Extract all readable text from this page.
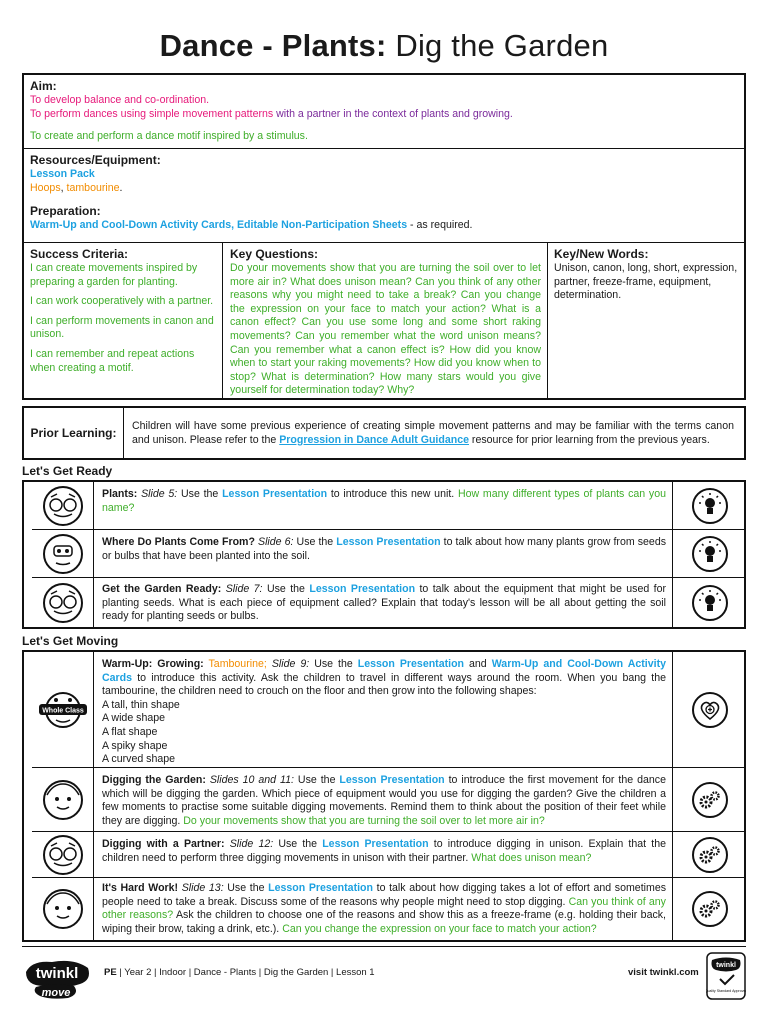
Dance - Plants: Dig the Garden
Aim:
To develop balance and co-ordination.
To perform dances using simple movement patterns with a partner in the context of plants and growing.
To create and perform a dance motif inspired by a stimulus.
Resources/Equipment:
Lesson Pack
Hoops, tambourine.
Preparation:
Warm-Up and Cool-Down Activity Cards, Editable Non-Participation Sheets - as required.
Success Criteria:
I can create movements inspired by preparing a garden for planting.
I can work cooperatively with a partner.
I can perform movements in canon and unison.
I can remember and repeat actions when creating a motif.
Key Questions:
Do your movements show that you are turning the soil over to let more air in? What does unison mean? Can you think of any other reasons why you might need to take a break? Can you change the expression on your face to match your action? What is a canon effect? Can you use some long and some short raking movements? Can you remember what the word unison means? Can you remember what a canon effect is? How did you know when to start your raking movements? How did you know when to stop? What is determination? How many stars would you give yourself for determination today? Why?
Key/New Words:
Unison, canon, long, short, expression, partner, freeze-frame, equipment, determination.
Prior Learning: Children will have some previous experience of creating simple movement patterns and may be familiar with the terms canon and unison. Please refer to the Progression in Dance Adult Guidance resource for prior learning from the previous years.
Let's Get Ready
Plants: Slide 5: Use the Lesson Presentation to introduce this new unit. How many different types of plants can you name?
Where Do Plants Come From? Slide 6: Use the Lesson Presentation to talk about how many plants grow from seeds or bulbs that have been planted into the soil.
Get the Garden Ready: Slide 7: Use the Lesson Presentation to talk about the equipment that might be used for planting seeds. What is each piece of equipment called? Explain that today's lesson will be all about getting the soil ready for planting seeds or bulbs.
Let's Get Moving
Whole Class
Warm-Up: Growing: Tambourine; Slide 9: Use the Lesson Presentation and Warm-Up and Cool-Down Activity Cards to introduce this activity. Ask the children to travel in different ways around the room. When you bang the tambourine, the children need to crouch on the floor and then grow into the following shapes:
A tall, thin shape
A wide shape
A flat shape
A spiky shape
A curved shape
Digging the Garden: Slides 10 and 11: Use the Lesson Presentation to introduce the first movement for the dance which will be digging the garden. Which piece of equipment would you use for digging the garden? Give the children a few moments to practise some suitable digging movements. Remind them to think about the position of their feet while they are digging. Do your movements show that you are turning the soil over to let more air in?
Digging with a Partner: Slide 12: Use the Lesson Presentation to introduce digging in unison. Explain that the children need to perform three digging movements in unison with their partner. What does unison mean?
It's Hard Work! Slide 13: Use the Lesson Presentation to talk about how digging takes a lot of effort and sometimes people need to take a break. Discuss some of the reasons why people might need to stop digging. Can you think of any other reasons? Ask the children to choose one of the reasons and show this as a freeze-frame (e.g. holding their back, wiping their brow, taking a drink, etc.). Can you change the expression on your face to match your action?
twinkl
move
PE | Year 2 | Indoor | Dance - Plants | Dig the Garden | Lesson 1	visit twinkl.com
twinkl
Quality Standard Approved
